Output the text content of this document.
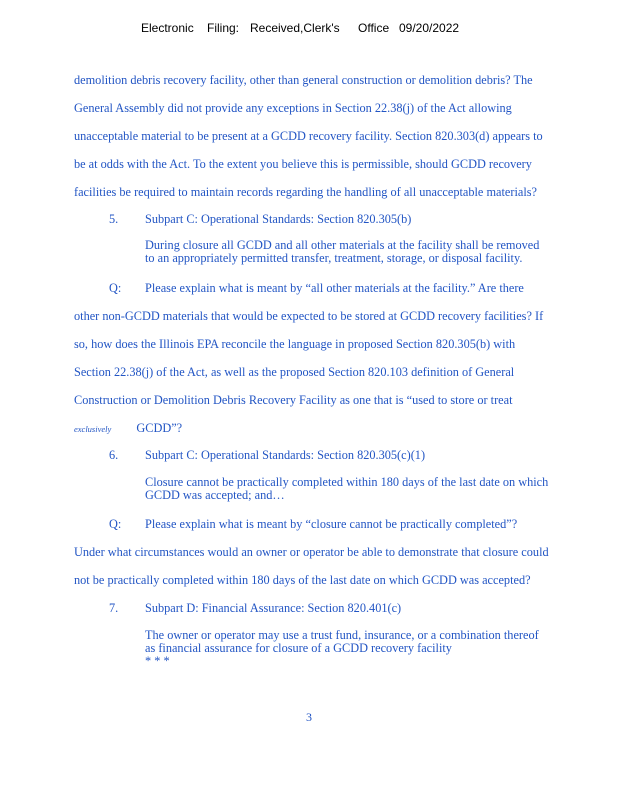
Electronic Filing: Received,Clerk's Office 09/20/2022
demolition debris recovery facility, other than general construction or demolition debris? The
General Assembly did not provide any exceptions in Section 22.38(j) of the Act allowing
unacceptable material to be present at a GCDD recovery facility. Section 820.303(d) appears to
be at odds with the Act. To the extent you believe this is permissible, should GCDD recovery
facilities be required to maintain records regarding the handling of all unacceptable materials?
5. Subpart C: Operational Standards: Section 820.305(b)
During closure all GCDD and all other materials at the facility shall be removed
to an appropriately permitted transfer, treatment, storage, or disposal facility.
Q: Please explain what is meant by “all other materials at the facility.” Are there
other non-GCDD materials that would be expected to be stored at GCDD recovery facilities? If
so, how does the Illinois EPA reconcile the language in proposed Section 820.305(b) with
Section 22.38(j) of the Act, as well as the proposed Section 820.103 definition of General
Construction or Demolition Debris Recovery Facility as one that is “used to store or treat
exclusively GCDD”?
6. Subpart C: Operational Standards: Section 820.305(c)(1)
Closure cannot be practically completed within 180 days of the last date on which
GCDD was accepted; and…
Q: Please explain what is meant by “closure cannot be practically completed”?
Under what circumstances would an owner or operator be able to demonstrate that closure could
not be practically completed within 180 days of the last date on which GCDD was accepted?
7. Subpart D: Financial Assurance: Section 820.401(c)
The owner or operator may use a trust fund, insurance, or a combination thereof
as financial assurance for closure of a GCDD recovery facility
* * *
3
